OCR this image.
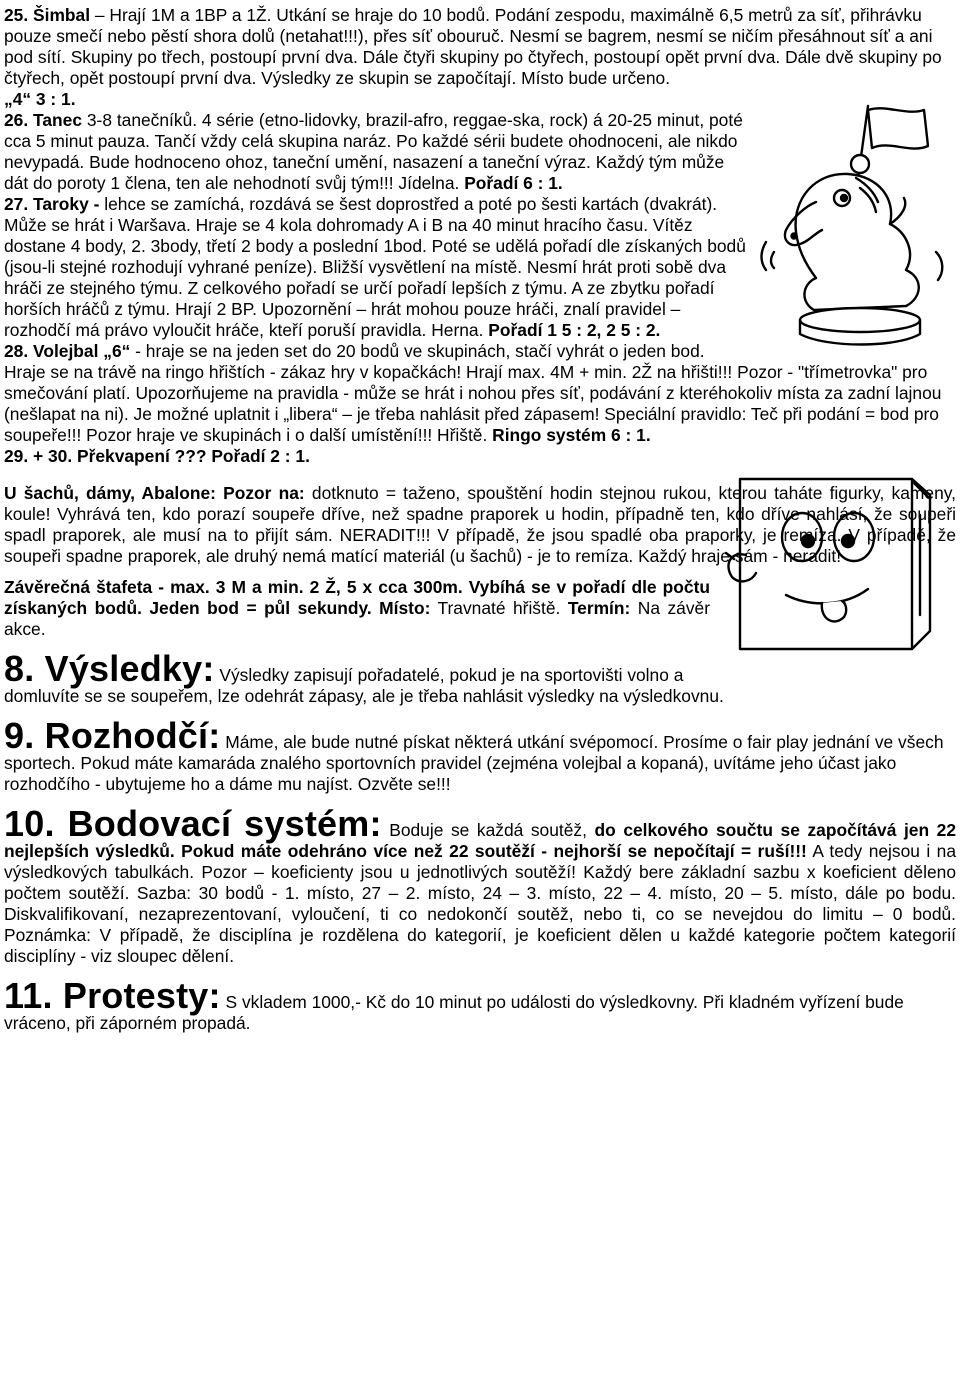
25. Šimbal – Hrají 1M a 1BP a 1Ž. Utkání se hraje do 10 bodů. Podání zespodu, maximálně 6,5 metrů za síť, přihrávku pouze smečí nebo pěstí shora dolů (netahat!!!), přes síť obouruč. Nesmí se bagrem, nesmí se ničím přesáhnout síť a ani pod sítí. Skupiny po třech, postoupí první dva. Dále čtyři skupiny po čtyřech, postoupí opět první dva. Dále dvě skupiny po čtyřech, opět postoupí první dva. Výsledky ze skupin se započítají. Místo bude určeno.
„4“ 3 : 1.

26. Tanec 3-8 tanečníků. 4 série (etno-lidovky, brazil-afro, reggae-ska, rock) á 20-25 minut, poté cca 5 minut pauza. Tančí vždy celá skupina naráz. Po každé sérii budete ohodnoceni, ale nikdo nevypadá. Bude hodnoceno ohoz, taneční umění, nasazení a taneční výraz. Každý tým může dát do poroty 1 člena, ten ale nehodnotí svůj tým!!! Jídelna. Pořadí 6 : 1.

27. Taroky - lehce se zamíchá, rozdává se šest doprostřed a poté po šesti kartách (dvakrát). Může se hrát i Waršava. Hraje se 4 kola dohromady A i B na 40 minut hracího času. Vítěz dostane 4 body, 2. 3body, třetí 2 body a poslední 1bod. Poté se udělá pořadí dle získaných bodů (jsou-li stejné rozhodují vyhrané peníze). Bližší vysvětlení na místě. Nesmí hrát proti sobě dva hráči ze stejného týmu. Z celkového pořadí se určí pořadí lepších z týmu. A ze zbytku pořadí horších hráčů z týmu. Hrají 2 BP. Upozornění – hrát mohou pouze hráči, znalí pravidel – rozhodčí má právo vyloučit hráče, kteří poruší pravidla. Herna. Pořadí 1 5 : 2, 2 5 : 2.

28. Volejbal „6“ - hraje se na jeden set do 20 bodů ve skupinách, stačí vyhrát o jeden bod. Hraje se na trávě na ringo hřištích - zákaz hry v kopačkách! Hrají max. 4M + min. 2Ž na hřišti!!! Pozor - "třímetrovka" pro smečování platí. Upozorňujeme na pravidla - může se hrát i nohou přes síť, podávání z kteréhokoliv místa za zadní lajnou (nešlapat na ni). Je možné uplatnit i „libera“ – je třeba nahlásit před zápasem! Speciální pravidlo: Teč při podání = bod pro soupeře!!! Pozor hraje ve skupinách i o další umístění!!! Hřiště. Ringo systém 6 : 1.

29. + 30. Překvapení ??? Pořadí 2 : 1.

U šachů, dámy, Abalone: Pozor na: dotknuto = taženo, spouštění hodin stejnou rukou, kterou taháte figurky, kameny, koule! Vyhrává ten, kdo porazí soupeře dříve, než spadne praporek u hodin, případně ten, kdo dříve nahlásí, že soupeři spadl praporek, ale musí na to přijít sám. NERADIT!!! V případě, že jsou spadlé oba praporky, je remíza. V případě, že soupeři spadne praporek, ale druhý nemá matící materiál (u šachů) - je to remíza. Každý hraje sám - neradit!

Závěrečná štafeta - max. 3 M a min. 2 Ž, 5 x cca 300m. Vybíhá se v pořadí dle počtu získaných bodů. Jeden bod = půl sekundy. Místo: Travnaté hřiště. Termín: Na závěr akce.

8. Výsledky: Výsledky zapisují pořadatelé, pokud je na sportovišti volno a domluvíte se se soupeřem, lze odehrát zápasy, ale je třeba nahlásit výsledky na výsledkovnu.

9. Rozhodčí: Máme, ale bude nutné pískat některá utkání svépomocí. Prosíme o fair play jednání ve všech sportech. Pokud máte kamaráda znalého sportovních pravidel (zejména volejbal a kopaná), uvítáme jeho účast jako rozhodčího - ubytujeme ho a dáme mu najíst. Ozvěte se!!!

10. Bodovací systém: Boduje se každá soutěž, do celkového součtu se započítává jen 22 nejlepších výsledků. Pokud máte odehráno více než 22 soutěží - nejhorší se nepočítají = ruší!!! A tedy nejsou i na výsledkových tabulkách. Pozor – koeficienty jsou u jednotlivých soutěží! Každý bere základní sazbu x koeficient děleno počtem soutěží. Sazba: 30 bodů - 1. místo, 27 – 2. místo, 24 – 3. místo, 22 – 4. místo, 20 – 5. místo, dále po bodu. Diskvalifikovaní, nezaprezentovaní, vyloučení, ti co nedokončí soutěž, nebo ti, co se nevejdou do limitu – 0 bodů. Poznámka: V případě, že disciplína je rozdělena do kategorií, je koeficient dělen u každé kategorie počtem kategorií disciplíny - viz sloupec dělení.

11. Protesty: S vkladem 1000,- Kč do 10 minut po události do výsledkovny. Při kladném vyřízení bude vráceno, při záporném propadá.
